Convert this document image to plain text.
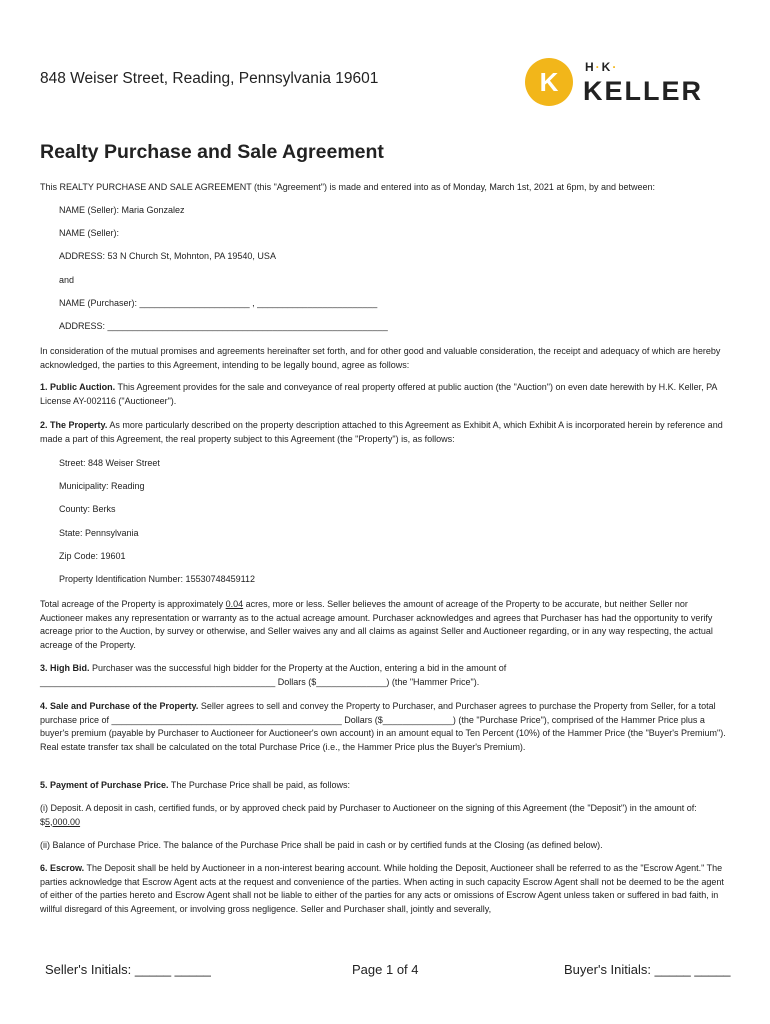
848 Weiser Street, Reading, Pennsylvania 19601	K H·K·
KELLER
Realty Purchase and Sale Agreement

This REALTY PURCHASE AND SALE AGREEMENT (this "Agreement") is made and entered into as of Monday, March 1st, 2021 at 6pm, by and between:

NAME (Seller): Maria Gonzalez

NAME (Seller):

ADDRESS: 53 N Church St, Mohnton, PA 19540, USA

and

NAME (Purchaser): ______________________ , ________________________

ADDRESS: ________________________________________________________

In consideration of the mutual promises and agreements hereinafter set forth, and for other good and valuable consideration, the receipt and adequacy of which are hereby acknowledged, the parties to this Agreement, intending to be legally bound, agree as follows:

1. Public Auction. This Agreement provides for the sale and conveyance of real property offered at public auction (the "Auction") on even date herewith by H.K. Keller, PA License AY-002116 ("Auctioneer").

2. The Property. As more particularly described on the property description attached to this Agreement as Exhibit A, which Exhibit A is incorporated herein by reference and made a part of this Agreement, the real property subject to this Agreement (the "Property") is, as follows:

Street: 848 Weiser Street

Municipality: Reading

County: Berks

State: Pennsylvania

Zip Code: 19601

Property Identification Number: 15530748459112

Total acreage of the Property is approximately 0.04 acres, more or less. Seller believes the amount of acreage of the Property to be accurate, but neither Seller nor Auctioneer makes any representation or warranty as to the actual acreage amount. Purchaser acknowledges and agrees that Purchaser has had the opportunity to verify acreage prior to the Auction, by survey or otherwise, and Seller waives any and all claims as against Seller and Auctioneer regarding, or in any way respecting, the actual acreage of the Property.

3. High Bid. Purchaser was the successful high bidder for the Property at the Auction, entering a bid in the amount of _______________________________________________ Dollars ($______________) (the "Hammer Price").

4. Sale and Purchase of the Property. Seller agrees to sell and convey the Property to Purchaser, and Purchaser agrees to purchase the Property from Seller, for a total purchase price of ______________________________________________ Dollars ($______________) (the "Purchase Price"), comprised of the Hammer Price plus a buyer's premium (payable by Purchaser to Auctioneer for Auctioneer's own account) in an amount equal to Ten Percent (10%) of the Hammer Price (the "Buyer's Premium"). Real estate transfer tax shall be calculated on the total Purchase Price (i.e., the Hammer Price plus the Buyer's Premium).

5. Payment of Purchase Price. The Purchase Price shall be paid, as follows:

(i) Deposit. A deposit in cash, certified funds, or by approved check paid by Purchaser to Auctioneer on the signing of this Agreement (the "Deposit") in the amount of: $5,000.00

(ii) Balance of Purchase Price. The balance of the Purchase Price shall be paid in cash or by certified funds at the Closing (as defined below).

6. Escrow. The Deposit shall be held by Auctioneer in a non-interest bearing account. While holding the Deposit, Auctioneer shall be referred to as the "Escrow Agent." The parties acknowledge that Escrow Agent acts at the request and convenience of the parties. When acting in such capacity Escrow Agent shall not be deemed to be the agent of either of the parties hereto and Escrow Agent shall not be liable to either of the parties for any acts or omissions of Escrow Agent unless taken or suffered in bad faith, in willful disregard of this Agreement, or involving gross negligence. Seller and Purchaser shall, jointly and severally,

Seller's Initials: _____ _____	Page 1 of 4	Buyer's Initials: _____ _____
